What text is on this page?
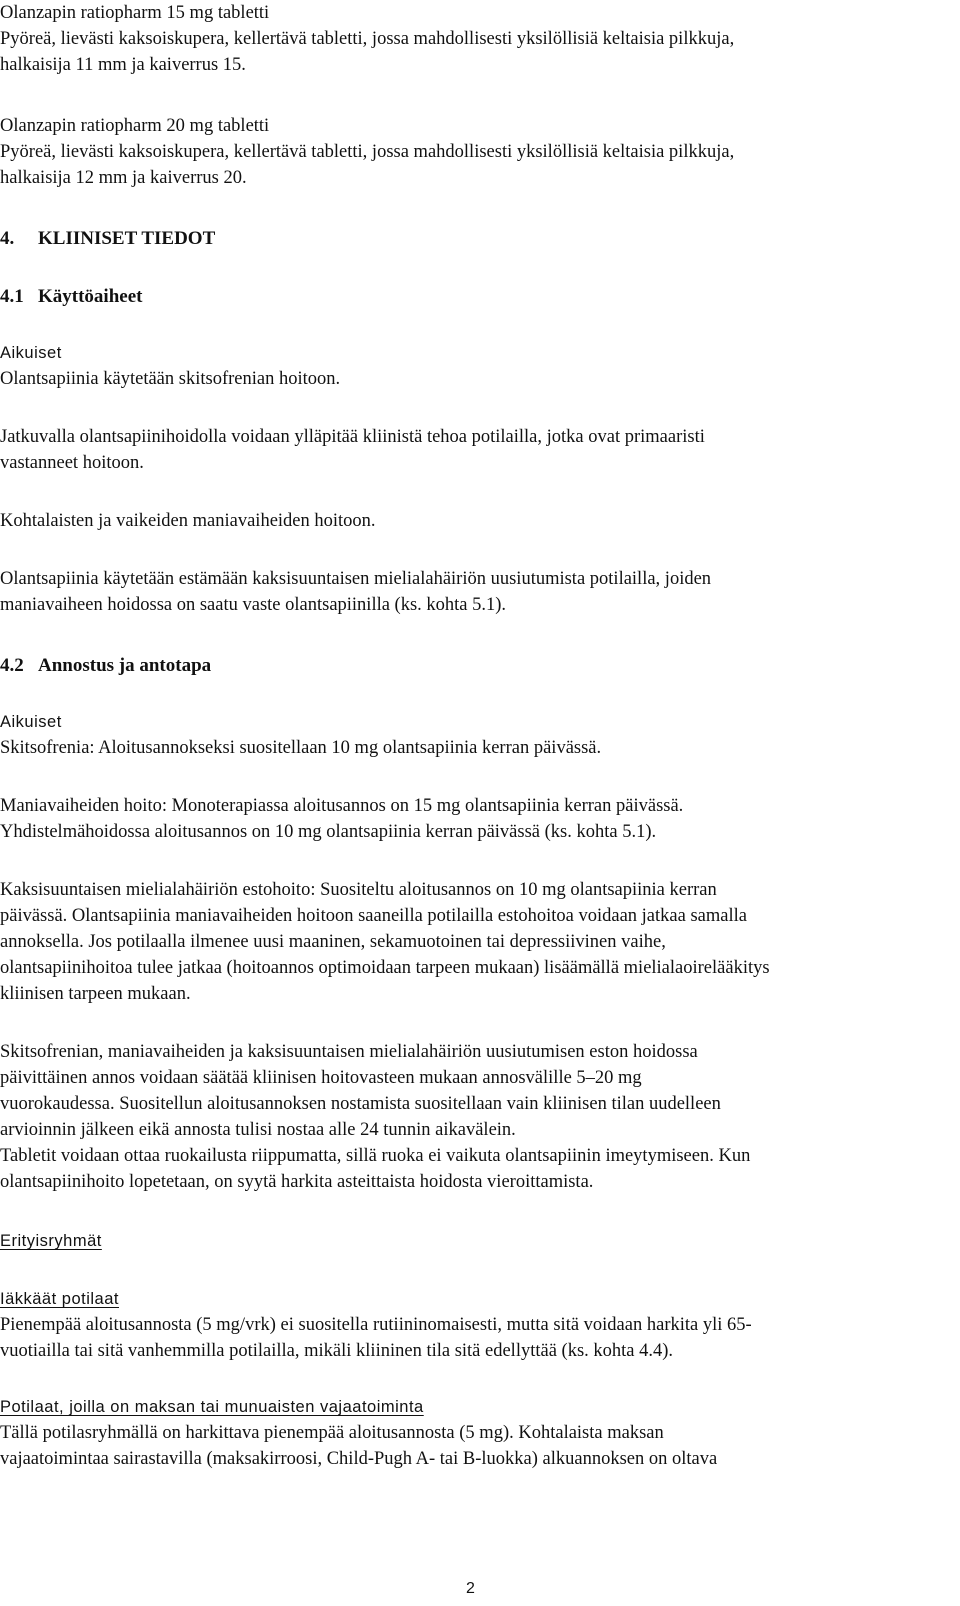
Olanzapin ratiopharm 15 mg tabletti
Pyöreä, lievästi kaksoiskupera, kellertävä tabletti, jossa mahdollisesti yksilöllisiä keltaisia pilkkuja,
halkaisija 11 mm ja kaiverrus 15.
Olanzapin ratiopharm 20 mg tabletti
Pyöreä, lievästi kaksoiskupera, kellertävä tabletti, jossa mahdollisesti yksilöllisiä keltaisia pilkkuja,
halkaisija 12 mm ja kaiverrus 20.
Olantsapiinia käytetään skitsofrenian hoitoon.
Jatkuvalla olantsapiinihoidolla voidaan ylläpitää kliinistä tehoa potilailla, jotka ovat primaaristi
vastanneet hoitoon.
Kohtalaisten ja vaikeiden maniavaiheiden hoitoon.
Olantsapiinia käytetään estämään kaksisuuntaisen mielialahäiriön uusiutumista potilailla, joiden
maniavaiheen hoidossa on saatu vaste olantsapiinilla (ks. kohta 5.1).
Skitsofrenia: Aloitusannokseksi suositellaan 10 mg olantsapiinia kerran päivässä.
Maniavaiheiden hoito: Monoterapiassa aloitusannos on 15 mg olantsapiinia kerran päivässä.
Yhdistelmähoidossa aloitusannos on 10 mg olantsapiinia kerran päivässä (ks. kohta 5.1).
Kaksisuuntaisen mielialahäiriön estohoito: Suositeltu aloitusannos on 10 mg olantsapiinia kerran
päivässä. Olantsapiinia maniavaiheiden hoitoon saaneilla potilailla estohoitoa voidaan jatkaa samalla
annoksella. Jos potilaalla ilmenee uusi maaninen, sekamuotoinen tai depressiivinen vaihe,
olantsapiinihoitoa tulee jatkaa (hoitoannos optimoidaan tarpeen mukaan) lisäämällä mielialaoirelääkitys
kliinisen tarpeen mukaan.
Skitsofrenian, maniavaiheiden ja kaksisuuntaisen mielialahäiriön uusiutumisen eston hoidossa
päivittäinen annos voidaan säätää kliinisen hoitovasteen mukaan annosvälille 5–20 mg
vuorokaudessa. Suositellun aloitusannoksen nostamista suositellaan vain kliinisen tilan uudelleen
arvioinnin jälkeen eikä annosta tulisi nostaa alle 24 tunnin aikavälein.
Tabletit voidaan ottaa ruokailusta riippumatta, sillä ruoka ei vaikuta olantsapiinin imeytymiseen. Kun
olantsapiinihoito lopetetaan, on syytä harkita asteittaista hoidosta vieroittamista.
Pienempää aloitusannosta (5 mg/vrk) ei suositella rutiininomaisesti, mutta sitä voidaan harkita yli 65-
vuotiailla tai sitä vanhemmilla potilailla, mikäli kliininen tila sitä edellyttää (ks. kohta 4.4).
Tällä potilasryhmällä on harkittava pienempää aloitusannosta (5 mg). Kohtalaista maksan
vajaatoimintaa sairastavilla (maksakirroosi, Child-Pugh A- tai B-luokka) alkuannoksen on oltava
4. KLIINISET TIEDOT
4.1 Käyttöaiheet
4.2 Annostus ja antotapa
Aikuiset
Aikuiset
Erityisryhmät
Iäkkäät potilaat
Potilaat, joilla on maksan tai munuaisten vajaatoiminta
2
